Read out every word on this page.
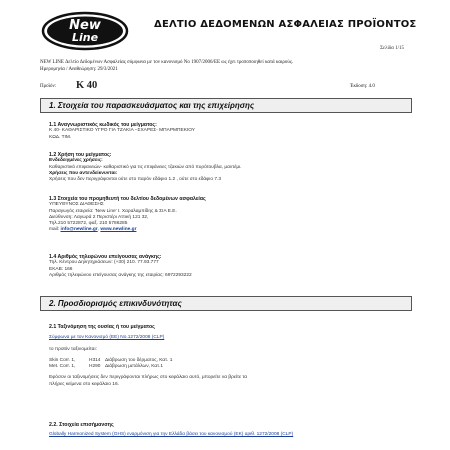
New
Line
ΔΕΛΤΙΟ ΔΕΔΟΜΕΝΩΝ ΑΣΦΑΛΕΙΑΣ ΠΡΟΪΟΝΤΟΣ
Σελίδα 1/15
NEW LINE Δελτίο Δεδομένων Ασφαλείας σύμφωνα με τον κανονισμό Νο 1907/2006/ΕΕ ως έχει τροποποιηθεί κατά καιρούς.
Ημερομηνία / Αναθεώρηση: 29/3/2021
Προϊόν: K 40	Έκδοση: 4.0
1. Στοιχεία του παρασκευάσματος και της επιχείρησης
1.1 Αναγνωριστικός κωδικός του μείγματος:
Κ 40- ΚΑΘΑΡΙΣΤΙΚΟ ΥΓΡΟ ΓΙΑ ΤΖΑΚΙΑ –ΣΧΑΡΕΣ- ΜΠΑΡΜΠΕΚΙΟΥ
ΚΩΔ. ΤΙΜ.
1.2 Χρήση του μείγματος:
Ενδεδειγμένες χρήσεις:
Καθαριστικό επιφανειών- καθαριστικό για τις επιφάνειες τζακιών από πυρότουβλα, μαντέμι.
Χρήσεις που αντενδείκνυνται:
Χρήσεις που δεν περιγράφονται ούτε στο παρόν εδάφιο 1.2 , ούτε στο εδάφιο 7.3
1.3 Στοιχεία του προμηθευτή του δελτίου δεδομένων ασφαλείας
ΥΠΕΥΘΥΝΟΣ ΔΙΑΘΕΣΗΣ
Παραγωγός εταιρεία: 'New Line' Ι. Χαραλαμπίδης & ΣΙΑ Ε.Ε.
Διεύθυνση: Λαγωρά 2 Περιστέρι Αττική 121 32,
Τηλ.210 5722872, φαξ. 210 5786285
mail: info@newline.gr, www.newline.gr
1.4 Αριθμός τηλεφώνου επείγουσας ανάγκης:
Τηλ. Κέντρου Δηλητηριάσεων: (+30) 210. 77.93.777
ΕΚΑΒ: 166
Αριθμός τηλεφώνου επείγουσας ανάγκης της εταιρίας: 6972293222
2. Προσδιορισμός επικινδυνότητας
2.1 Ταξινόμηση της ουσίας ή του μείγματος
Σύμφωνα με τον Κανονισμό (ΕΕ) Νο.1272/2008 (CLP)
το προϊόν ταξινομείται:
Skin Corr. 1,	H314 Διάβρωση του δέρματος, Κατ. 1
Met. Corr. 1,	H290 Διάβρωση μετάλλων, Κατ.1
Εφόσον οι ταξινομήσεις δεν περιγράφονται πλήρως στο κεφάλαιο αυτό, μπορείτε να βρείτε τα
πλήρες κείμενα στο κεφάλαιο 16.
2.2. Στοιχεία επισήμανσης
Globally Harmonized System (GHS) εναρμόνιση για την Ελλάδα βάσει του κανονισμού (ΕΚ) αριθ. 1272/2008 (CLP)
